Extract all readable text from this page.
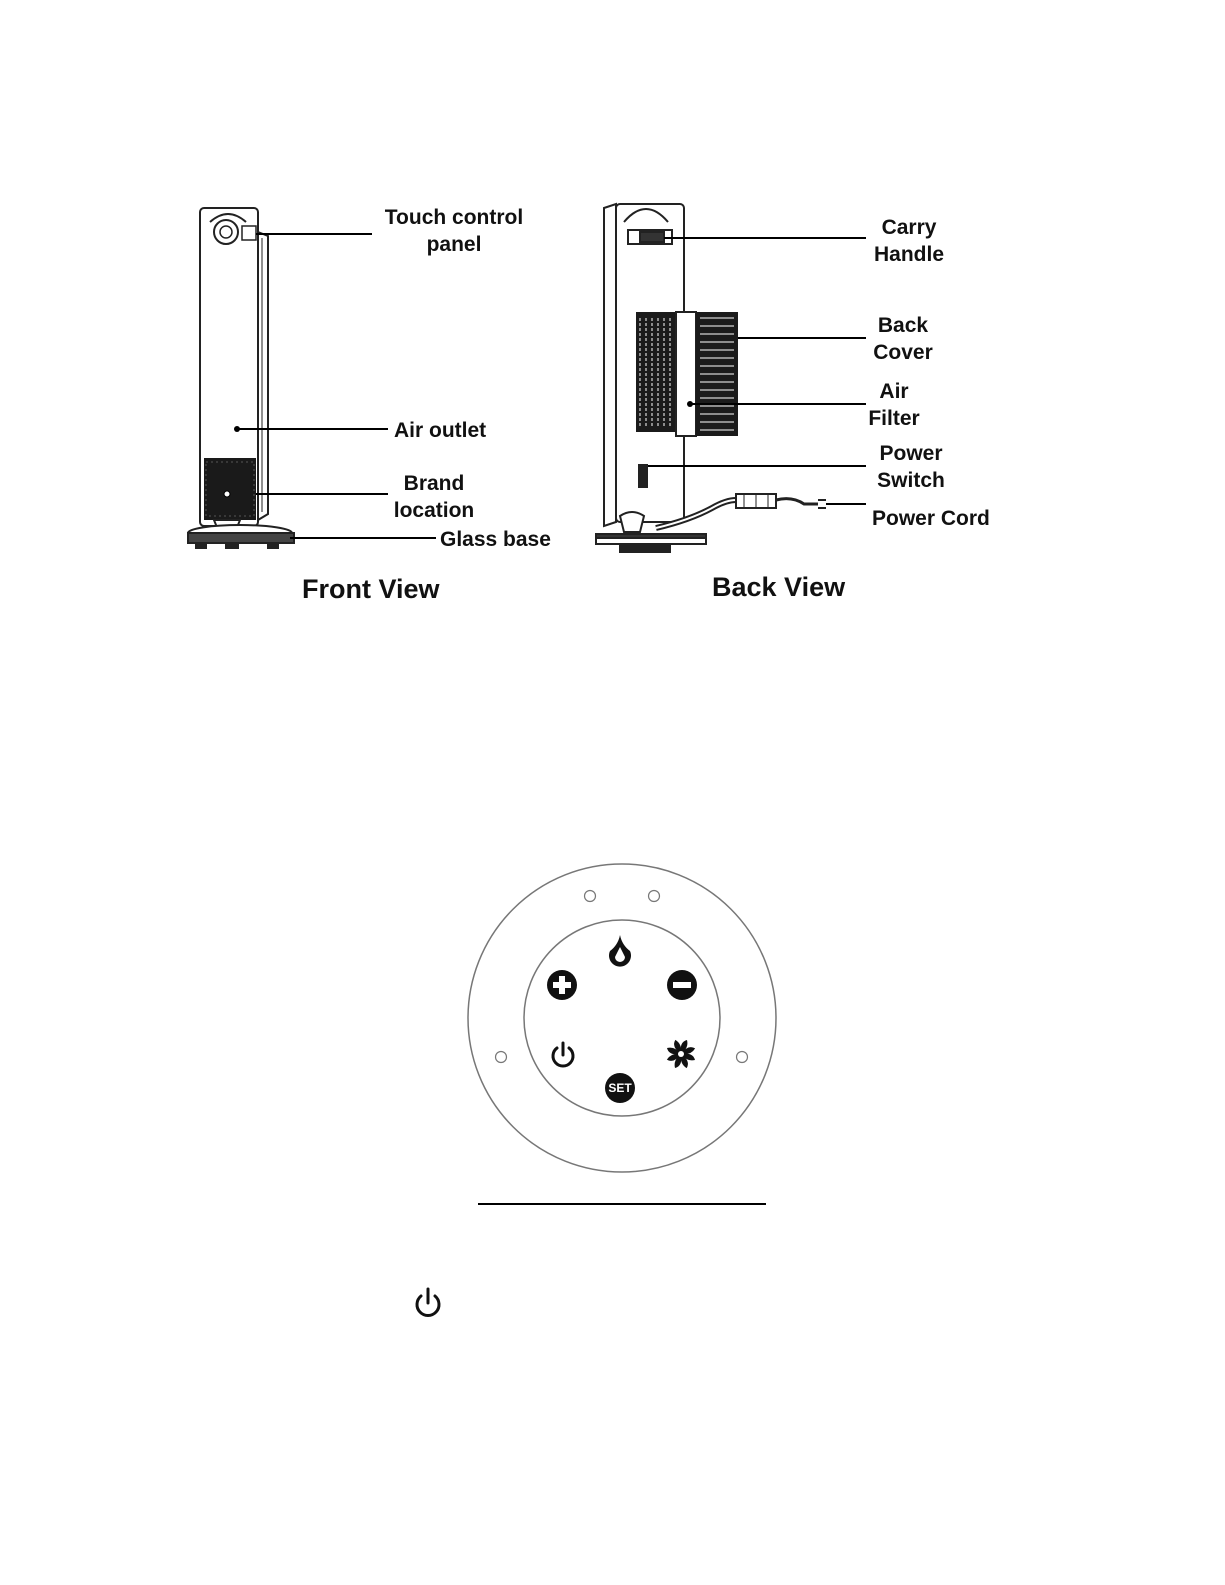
Touch control
panel
Air outlet
Brand
location
Glass base
Front View
Carry
Handle
Back
Cover
Air
Filter
Power
Switch
Power Cord
Back View
SET
